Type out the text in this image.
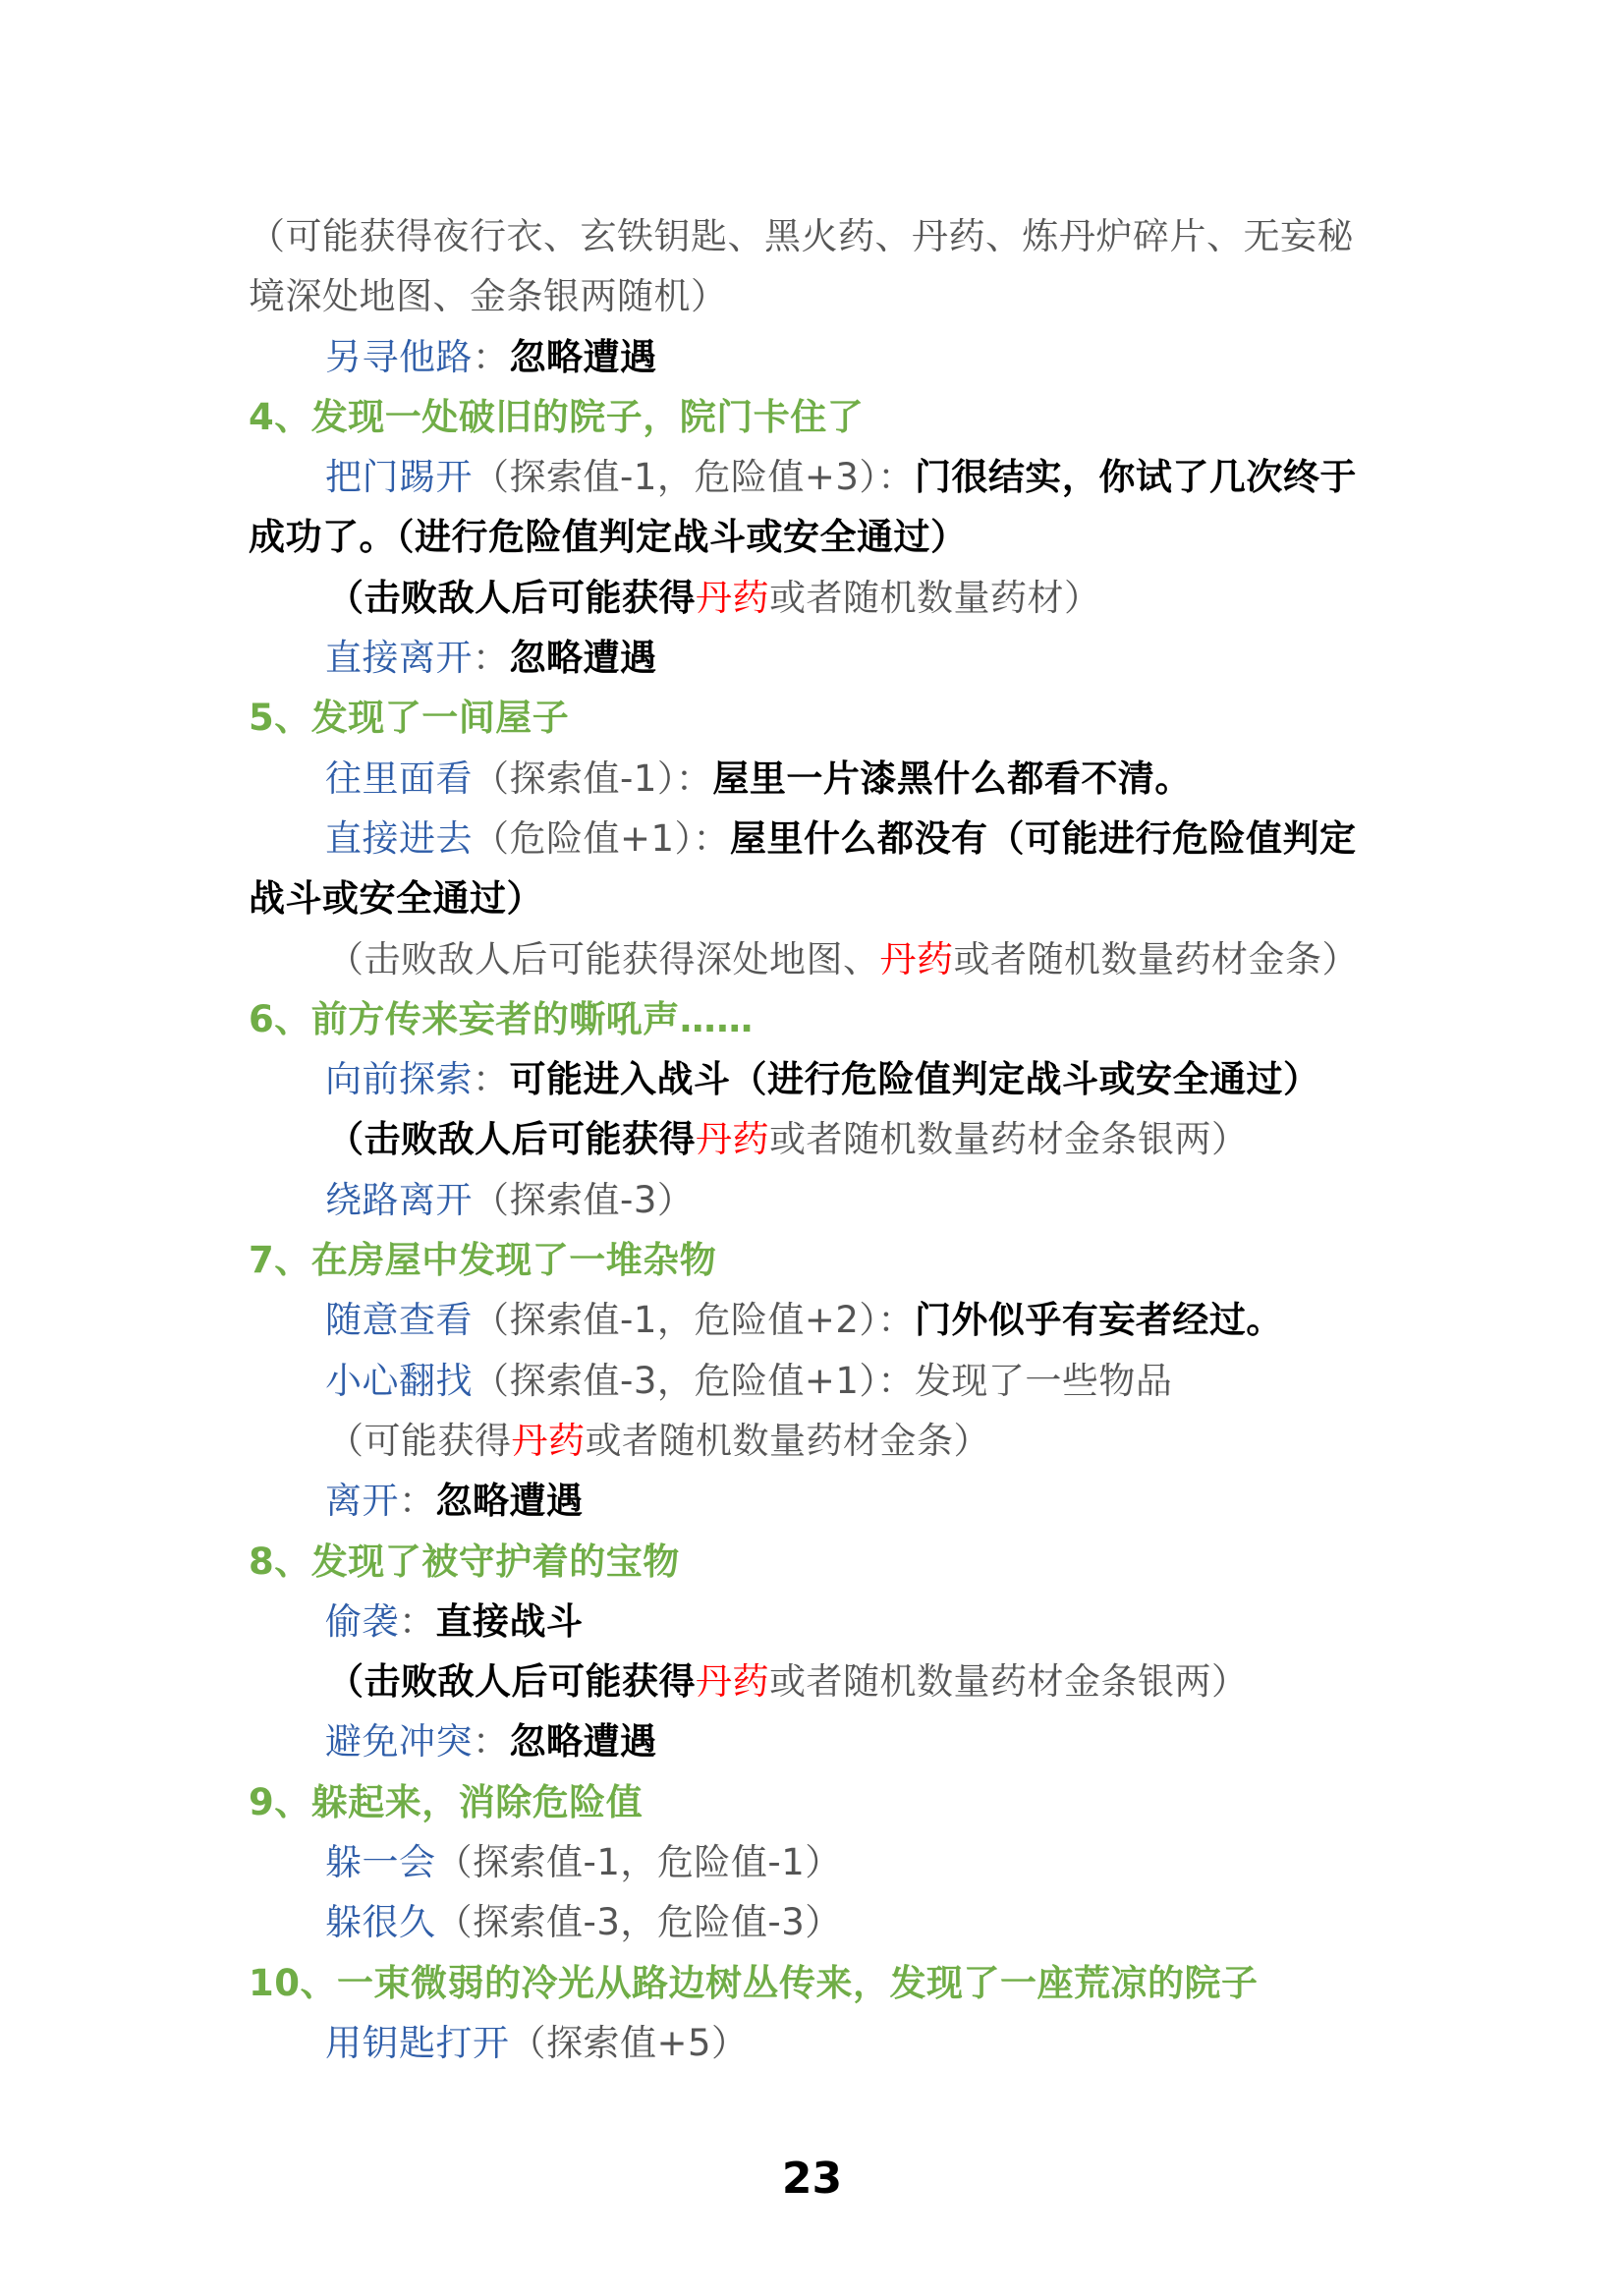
（可能获得夜行衣、玄铁钥匙、黑火药、丹药、炼丹炉碎片、无妄秘
境深处地图、金条银两随机）
另寻他路：忽略遭遇
4、发现一处破旧的院子，院门卡住了
把门踢开（探索值-1，危险值+3）：门很结实，你试了几次终于
成功了。（进行危险值判定战斗或安全通过）
（击败敌人后可能获得丹药或者随机数量药材）
直接离开：忽略遭遇
5、发现了一间屋子
往里面看（探索值-1）：屋里一片漆黑什么都看不清。
直接进去（危险值+1）：屋里什么都没有（可能进行危险值判定
战斗或安全通过）
（击败敌人后可能获得深处地图、丹药或者随机数量药材金条）
6、前方传来妄者的嘶吼声……
向前探索：可能进入战斗（进行危险值判定战斗或安全通过）
（击败敌人后可能获得丹药或者随机数量药材金条银两）
绕路离开（探索值-3）
7、在房屋中发现了一堆杂物
随意查看（探索值-1，危险值+2）：门外似乎有妄者经过。
小心翻找（探索值-3，危险值+1）：发现了一些物品
（可能获得丹药或者随机数量药材金条）
离开：忽略遭遇
8、发现了被守护着的宝物
偷袭：直接战斗
（击败敌人后可能获得丹药或者随机数量药材金条银两）
避免冲突：忽略遭遇
9、躲起来，消除危险值
躲一会（探索值-1，危险值-1）
躲很久（探索值-3，危险值-3）
10、一束微弱的冷光从路边树丛传来，发现了一座荒凉的院子
用钥匙打开（探索值+5）
23
